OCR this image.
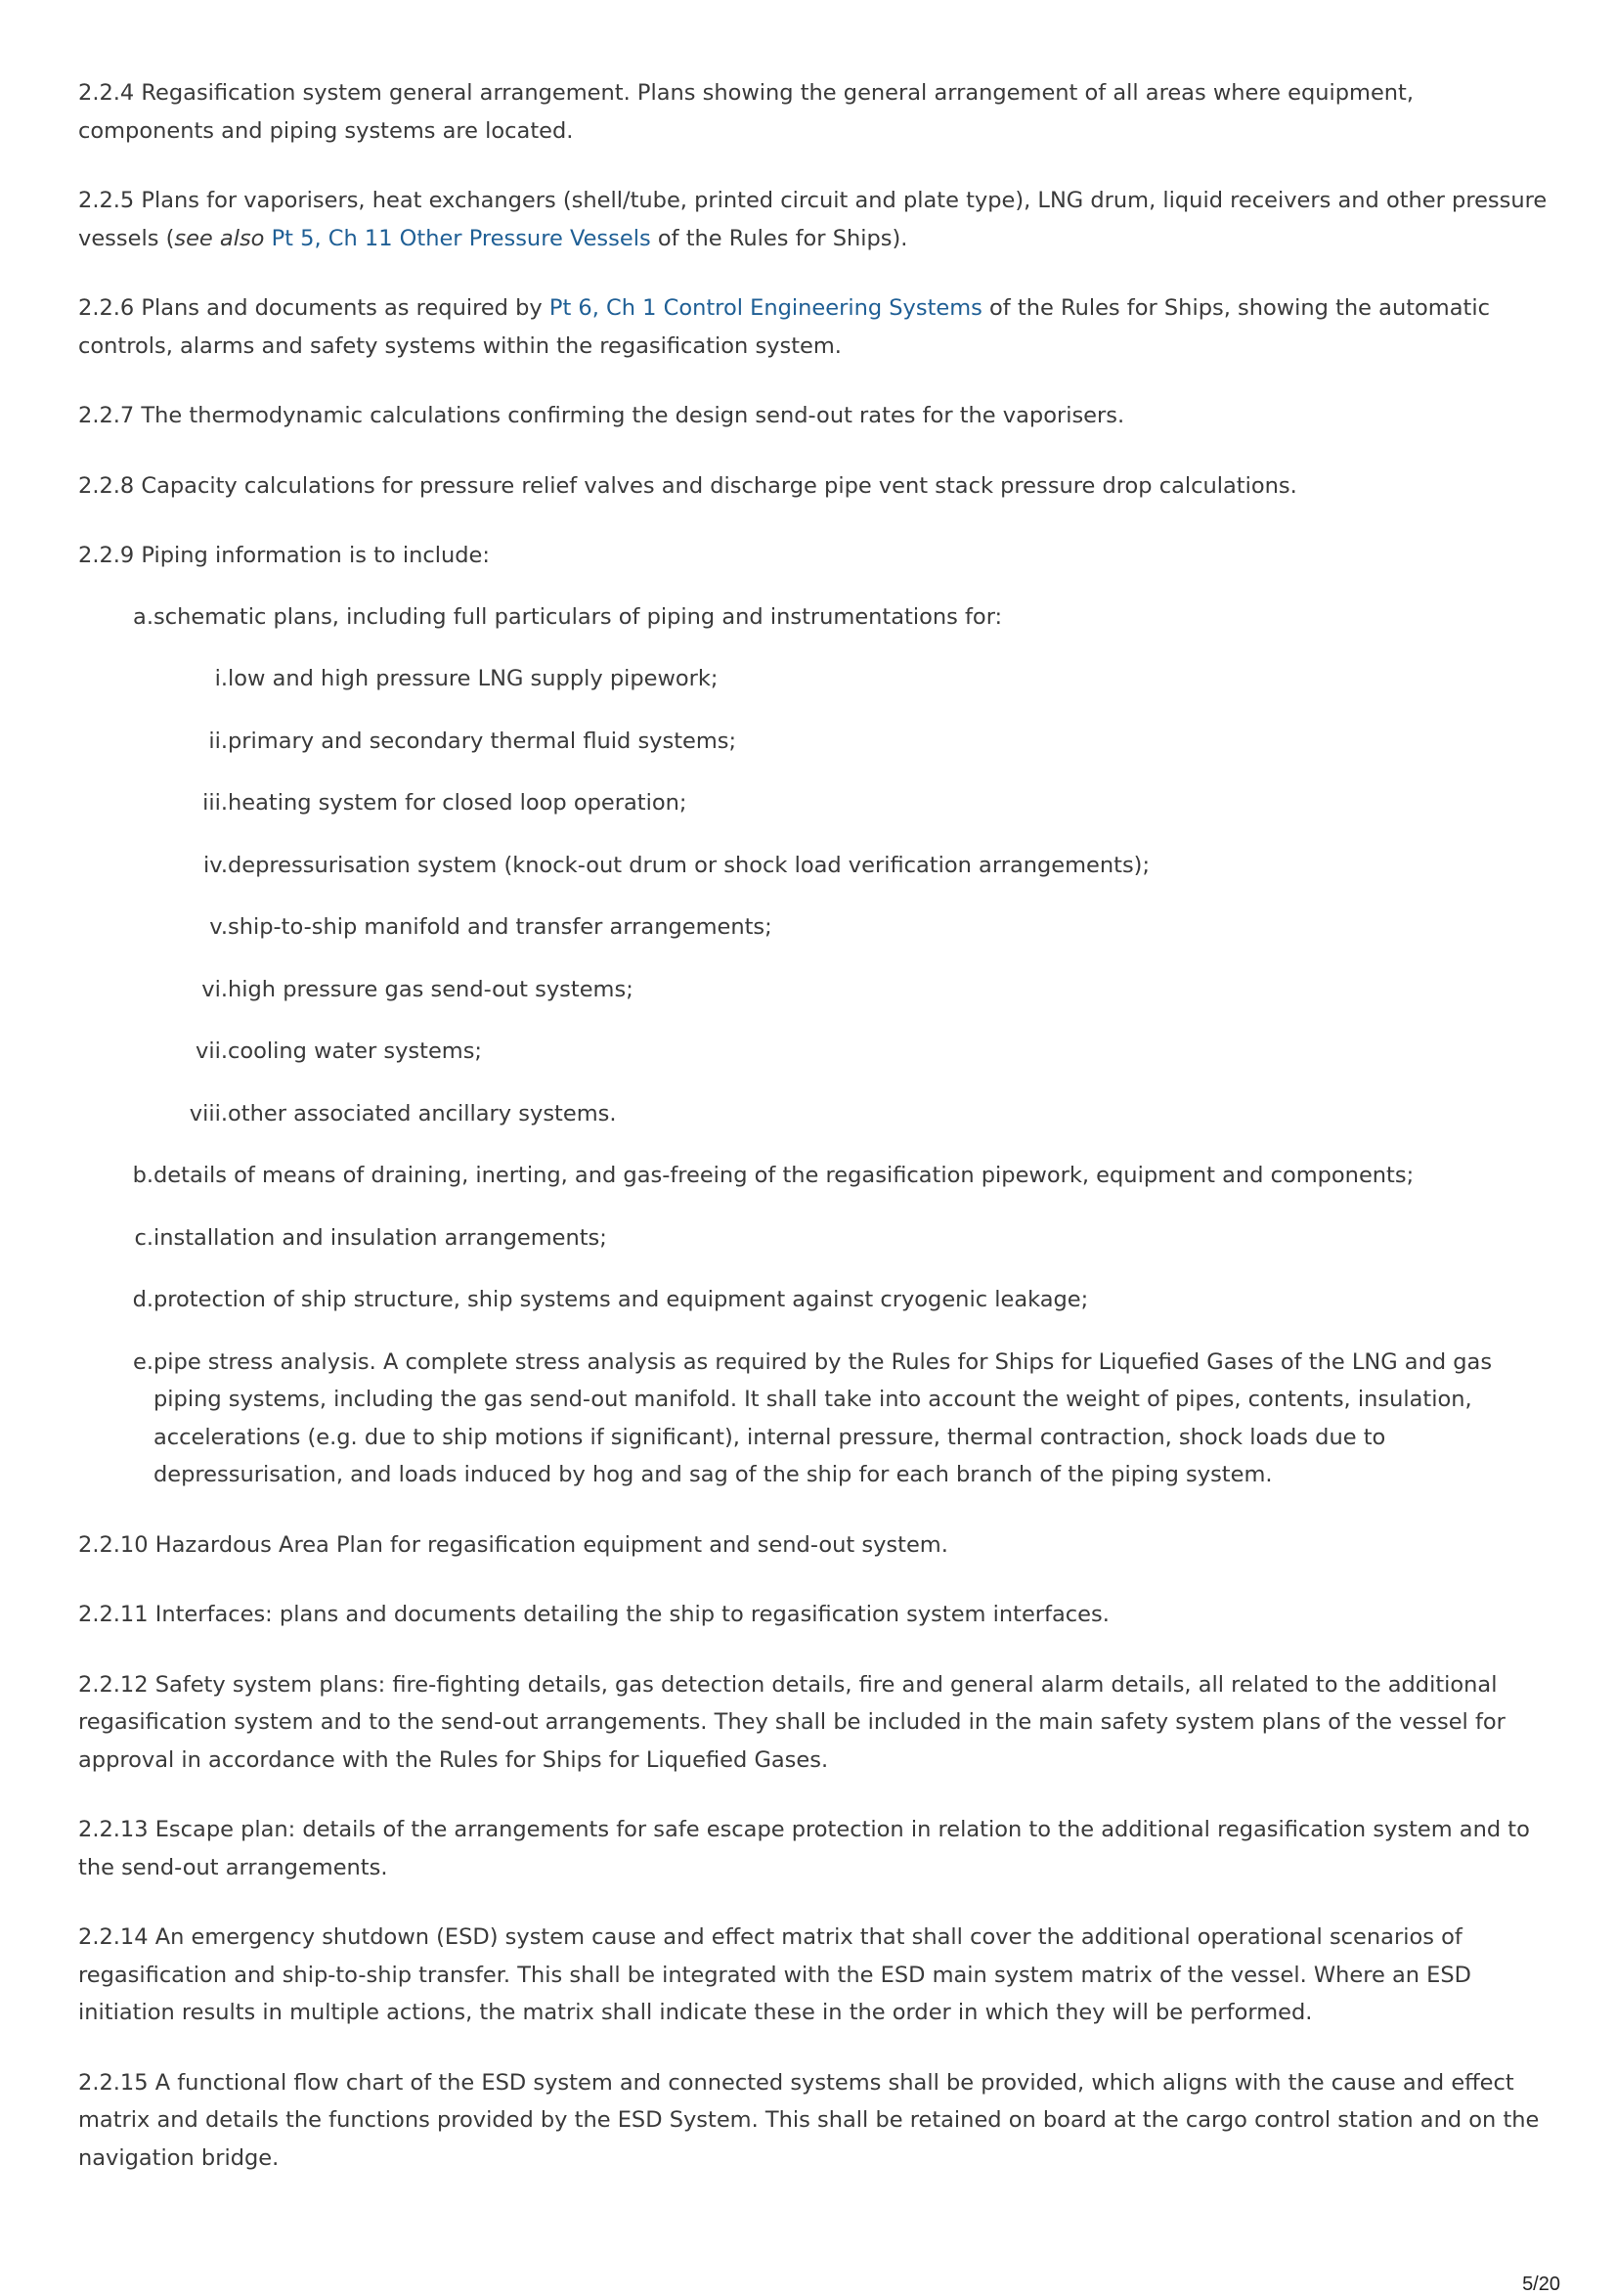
2.2.4 Regasification system general arrangement. Plans showing the general arrangement of all areas where equipment, components and piping systems are located.

2.2.5 Plans for vaporisers, heat exchangers (shell/tube, printed circuit and plate type), LNG drum, liquid receivers and other pressure vessels (see also Pt 5, Ch 11 Other Pressure Vessels of the Rules for Ships).

2.2.6 Plans and documents as required by Pt 6, Ch 1 Control Engineering Systems of the Rules for Ships, showing the automatic controls, alarms and safety systems within the regasification system.

2.2.7 The thermodynamic calculations confirming the design send-out rates for the vaporisers.

2.2.8 Capacity calculations for pressure relief valves and discharge pipe vent stack pressure drop calculations.

2.2.9 Piping information is to include:

a. schematic plans, including full particulars of piping and instrumentations for:
i. low and high pressure LNG supply pipework;
ii. primary and secondary thermal fluid systems;
iii. heating system for closed loop operation;
iv. depressurisation system (knock-out drum or shock load verification arrangements);
v. ship-to-ship manifold and transfer arrangements;
vi. high pressure gas send-out systems;
vii. cooling water systems;
viii. other associated ancillary systems.
b. details of means of draining, inerting, and gas-freeing of the regasification pipework, equipment and components;
c. installation and insulation arrangements;
d. protection of ship structure, ship systems and equipment against cryogenic leakage;
e. pipe stress analysis. A complete stress analysis as required by the Rules for Ships for Liquefied Gases of the LNG and gas piping systems, including the gas send-out manifold. It shall take into account the weight of pipes, contents, insulation, accelerations (e.g. due to ship motions if significant), internal pressure, thermal contraction, shock loads due to depressurisation, and loads induced by hog and sag of the ship for each branch of the piping system.

2.2.10 Hazardous Area Plan for regasification equipment and send-out system.

2.2.11 Interfaces: plans and documents detailing the ship to regasification system interfaces.

2.2.12 Safety system plans: fire-fighting details, gas detection details, fire and general alarm details, all related to the additional regasification system and to the send-out arrangements. They shall be included in the main safety system plans of the vessel for approval in accordance with the Rules for Ships for Liquefied Gases.

2.2.13 Escape plan: details of the arrangements for safe escape protection in relation to the additional regasification system and to the send-out arrangements.

2.2.14 An emergency shutdown (ESD) system cause and effect matrix that shall cover the additional operational scenarios of regasification and ship-to-ship transfer. This shall be integrated with the ESD main system matrix of the vessel. Where an ESD initiation results in multiple actions, the matrix shall indicate these in the order in which they will be performed.

2.2.15 A functional flow chart of the ESD system and connected systems shall be provided, which aligns with the cause and effect matrix and details the functions provided by the ESD System. This shall be retained on board at the cargo control station and on the navigation bridge.

5/20
